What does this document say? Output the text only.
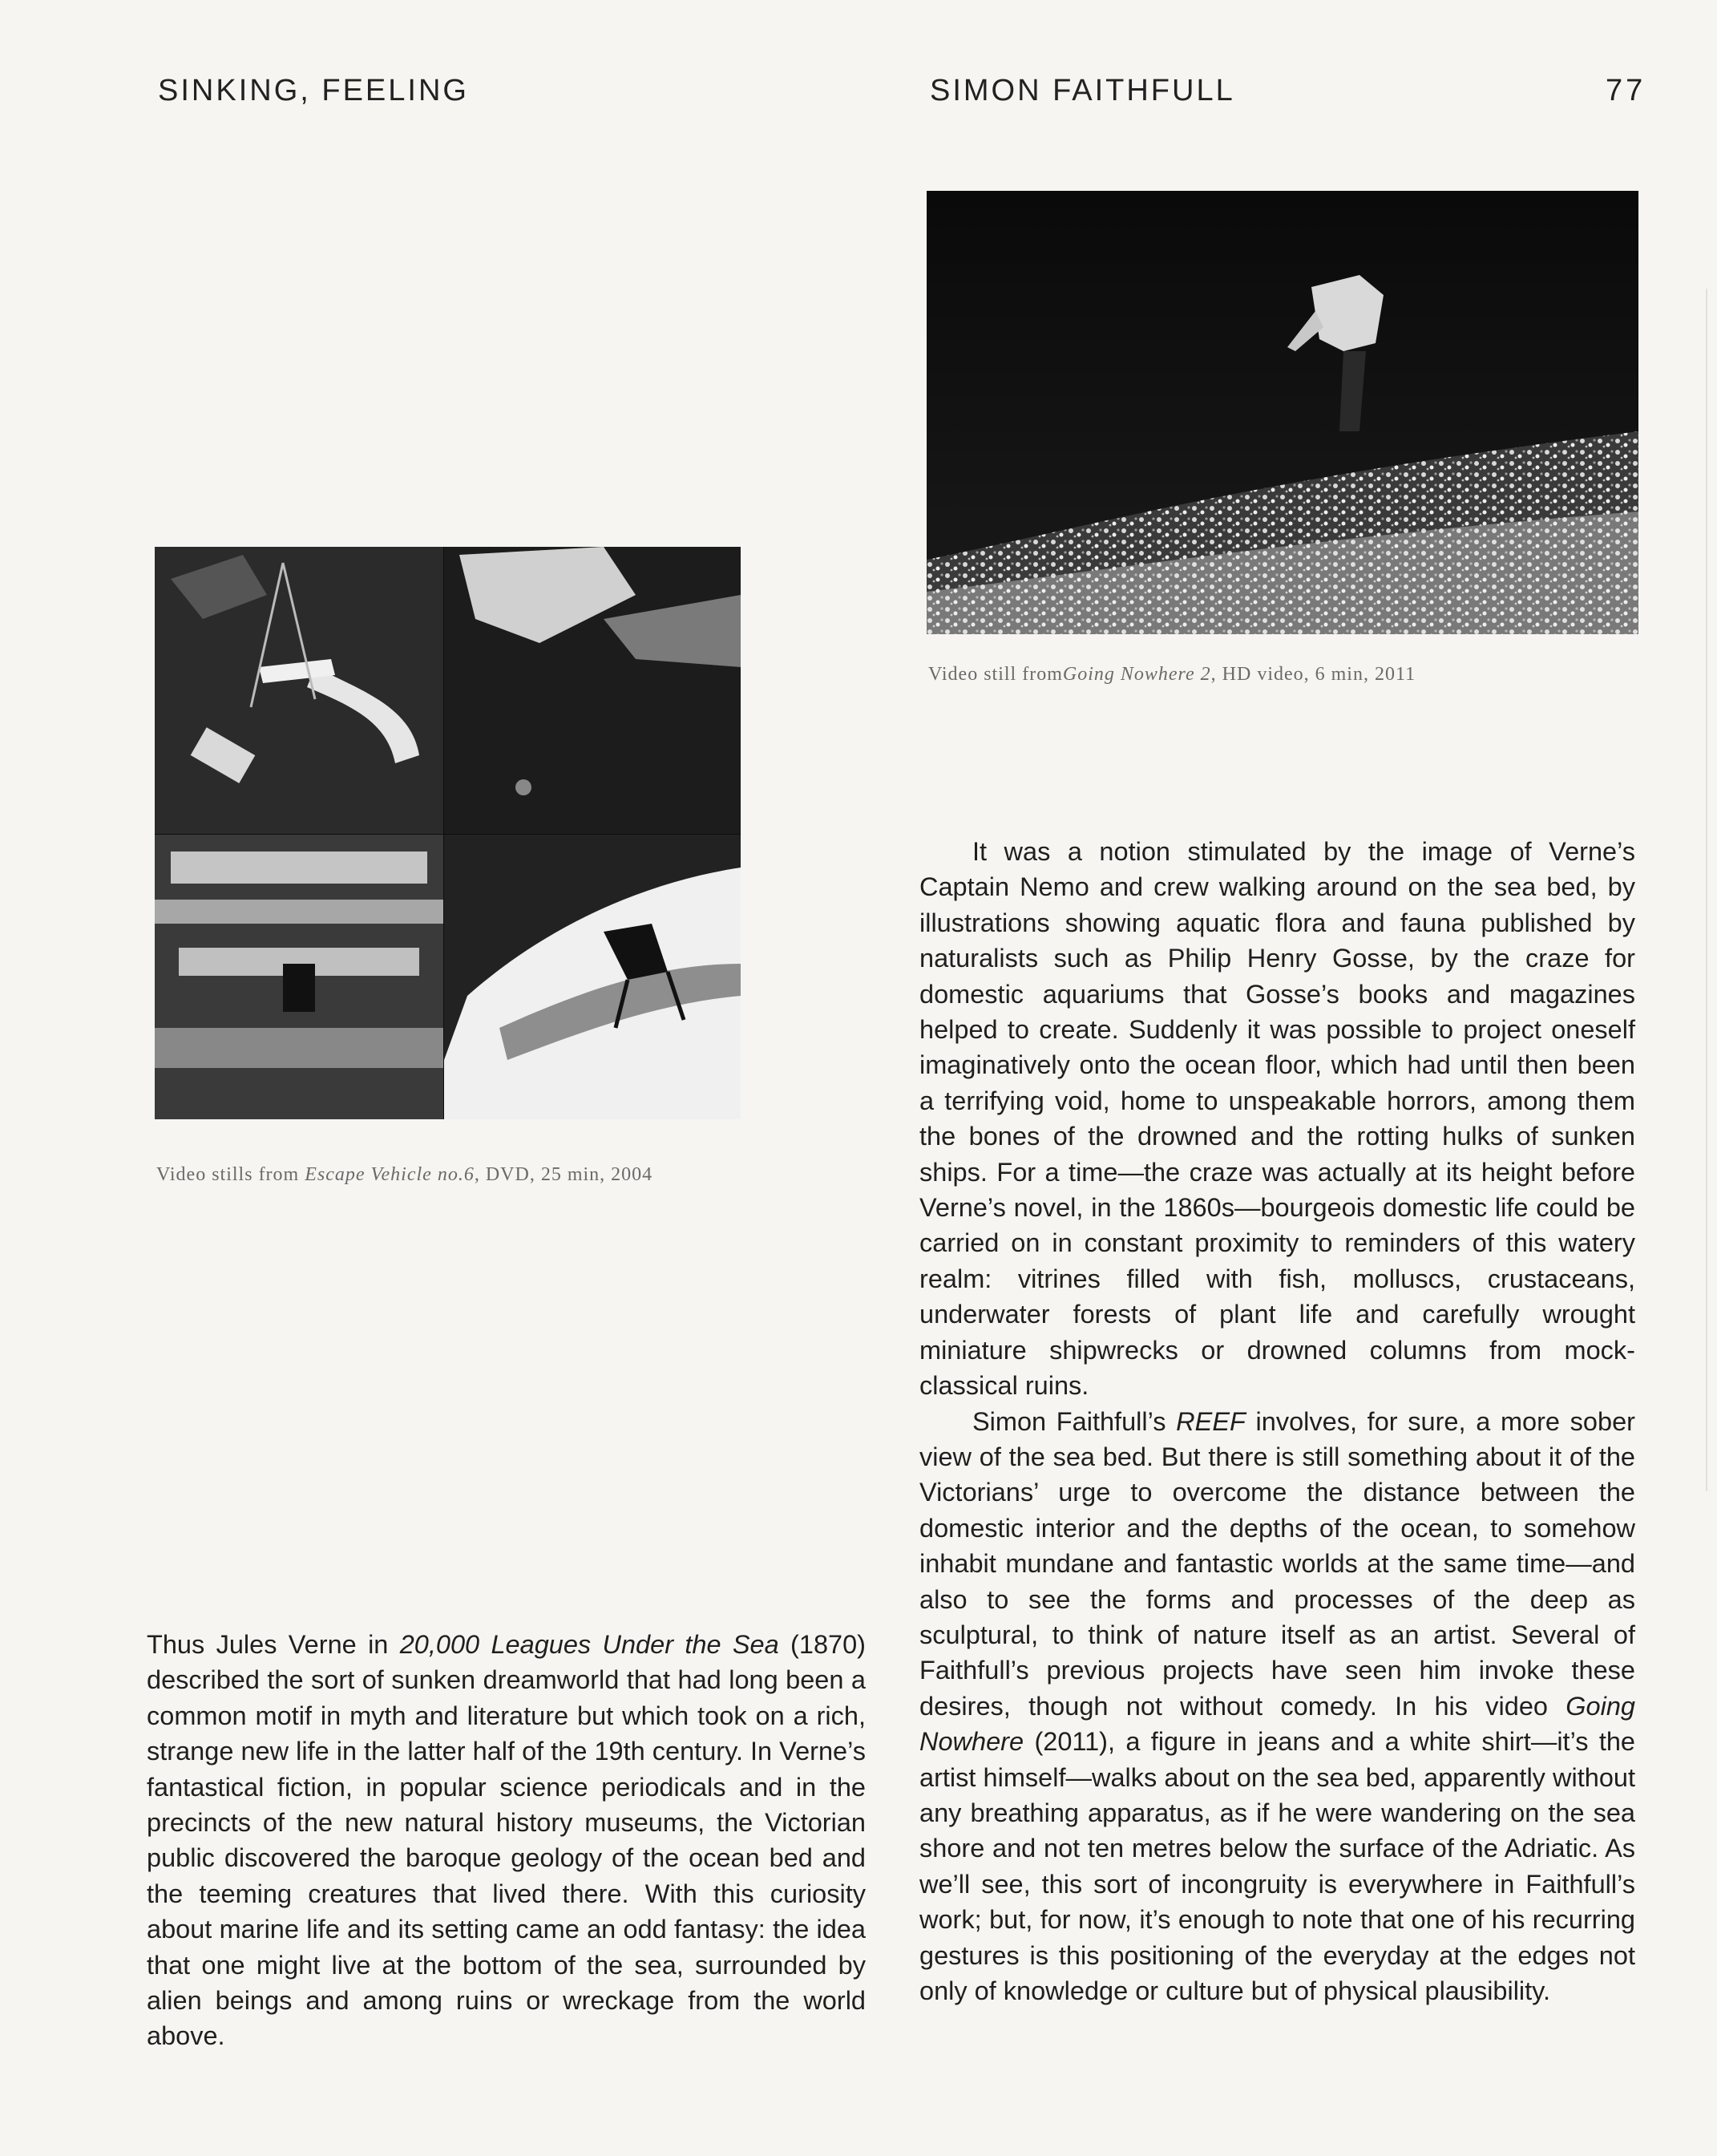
SINKING, FEELING	SIMON FAITHFULL	77
Video still fromGoing Nowhere 2, HD video, 6 min, 2011
Video stills from Escape Vehicle no.6, DVD, 25 min, 2004

Thus Jules Verne in 20,000 Leagues Under the Sea (1870) described the sort of sunken dreamworld that had long been a common motif in myth and literature but which took on a rich, strange new life in the latter half of the 19th century. In Verne’s fantastical fiction, in popular science periodicals and in the precincts of the new natural history museums, the Victorian public discovered the baroque geology of the ocean bed and the teeming creatures that lived there. With this curiosity about marine life and its setting came an odd fantasy: the idea that one might live at the bottom of the sea, surrounded by alien beings and among ruins or wreckage from the world above.

It was a notion stimulated by the image of Verne’s Captain Nemo and crew walking around on the sea bed, by illustrations showing aquatic flora and fauna published by naturalists such as Philip Henry Gosse, by the craze for domestic aquariums that Gosse’s books and magazines helped to create. Suddenly it was possible to project oneself imaginatively onto the ocean floor, which had until then been a terrifying void, home to unspeakable horrors, among them the bones of the drowned and the rotting hulks of sunken ships. For a time—the craze was actually at its height before Verne’s novel, in the 1860s—bourgeois domestic life could be carried on in constant proximity to reminders of this watery realm: vitrines filled with fish, molluscs, crustaceans, underwater forests of plant life and carefully wrought miniature shipwrecks or drowned columns from mock-classical ruins.

Simon Faithfull’s REEF involves, for sure, a more sober view of the sea bed. But there is still something about it of the Victorians’ urge to overcome the distance between the domestic interior and the depths of the ocean, to somehow inhabit mundane and fantastic worlds at the same time—and also to see the forms and processes of the deep as sculptural, to think of nature itself as an artist. Several of Faithfull’s previous projects have seen him invoke these desires, though not without comedy. In his video Going Nowhere (2011), a figure in jeans and a white shirt—it’s the artist himself—walks about on the sea bed, apparently without any breathing apparatus, as if he were wandering on the sea shore and not ten metres below the surface of the Adriatic. As we’ll see, this sort of incongruity is everywhere in Faithfull’s work; but, for now, it’s enough to note that one of his recurring gestures is this positioning of the everyday at the edges not only of knowledge or culture but of physical plausibility.
